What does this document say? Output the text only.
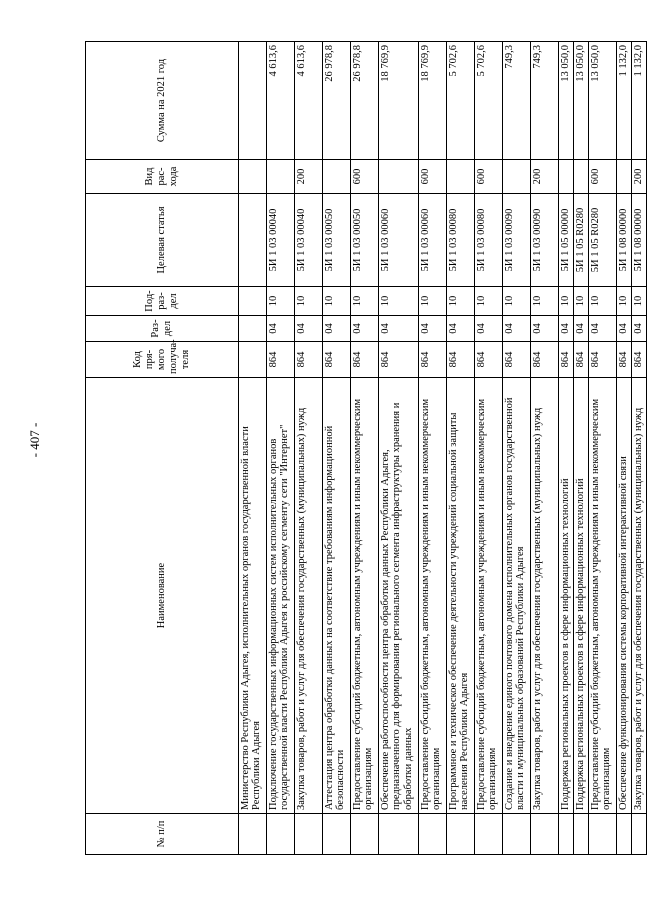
- 407 -
№ п/п	Наименование	Код пря-мого получа-теля	Раз-дел	Под-раз-дел	Целевая статья	Вид рас-хода	Сумма на 2021 год
	Министерство Республики Адыгея, исполнительных органов государственной власти Республики Адыгея						
	Подключение государственных информационных систем исполнительных органов государственной власти Республики Адыгея к российскому сегменту сети "Интернет"	864	04	10	5И 1 03 00040		4 613,6
	Закупка товаров, работ и услуг для обеспечения государственных (муниципальных) нужд	864	04	10	5И 1 03 00040	200	4 613,6
	Аттестация центра обработки данных на соответствие требованиям информационной безопасности	864	04	10	5И 1 03 00050		26 978,8
	Предоставление субсидий бюджетным, автономным учреждениям и иным некоммерческим организациям	864	04	10	5И 1 03 00050	600	26 978,8
	Обеспечение работоспособности центра обработки данных Республики Адыгея, предназначенного для формирования регионального сегмента инфраструктуры хранения и обработки данных	864	04	10	5И 1 03 00060		18 769,9
	Предоставление субсидий бюджетным, автономным учреждениям и иным некоммерческим организациям	864	04	10	5И 1 03 00060	600	18 769,9
	Программное и техническое обеспечение деятельности учреждений социальной защиты населения Республики Адыгея	864	04	10	5И 1 03 00080		5 702,6
	Предоставление субсидий бюджетным, автономным учреждениям и иным некоммерческим организациям	864	04	10	5И 1 03 00080	600	5 702,6
	Создание и внедрение единого почтового домена исполнительных органов государственной власти и муниципальных образований Республики Адыгея	864	04	10	5И 1 03 00090		749,3
	Закупка товаров, работ и услуг для обеспечения государственных (муниципальных) нужд	864	04	10	5И 1 03 00090	200	749,3
	Поддержка региональных проектов в сфере информационных технологий	864	04	10	5И 1 05 00000		13 050,0
	Поддержка региональных проектов в сфере информационных технологий	864	04	10	5И 1 05 R0280		13 050,0
	Предоставление субсидий бюджетным, автономным учреждениям и иным некоммерческим организациям	864	04	10	5И 1 05 R0280	600	13 050,0
	Обеспечение функционирования системы корпоративной интерактивной связи	864	04	10	5И 1 08 00000		1 132,0
	Закупка товаров, работ и услуг для обеспечения государственных (муниципальных) нужд	864	04	10	5И 1 08 00000	200	1 132,0
